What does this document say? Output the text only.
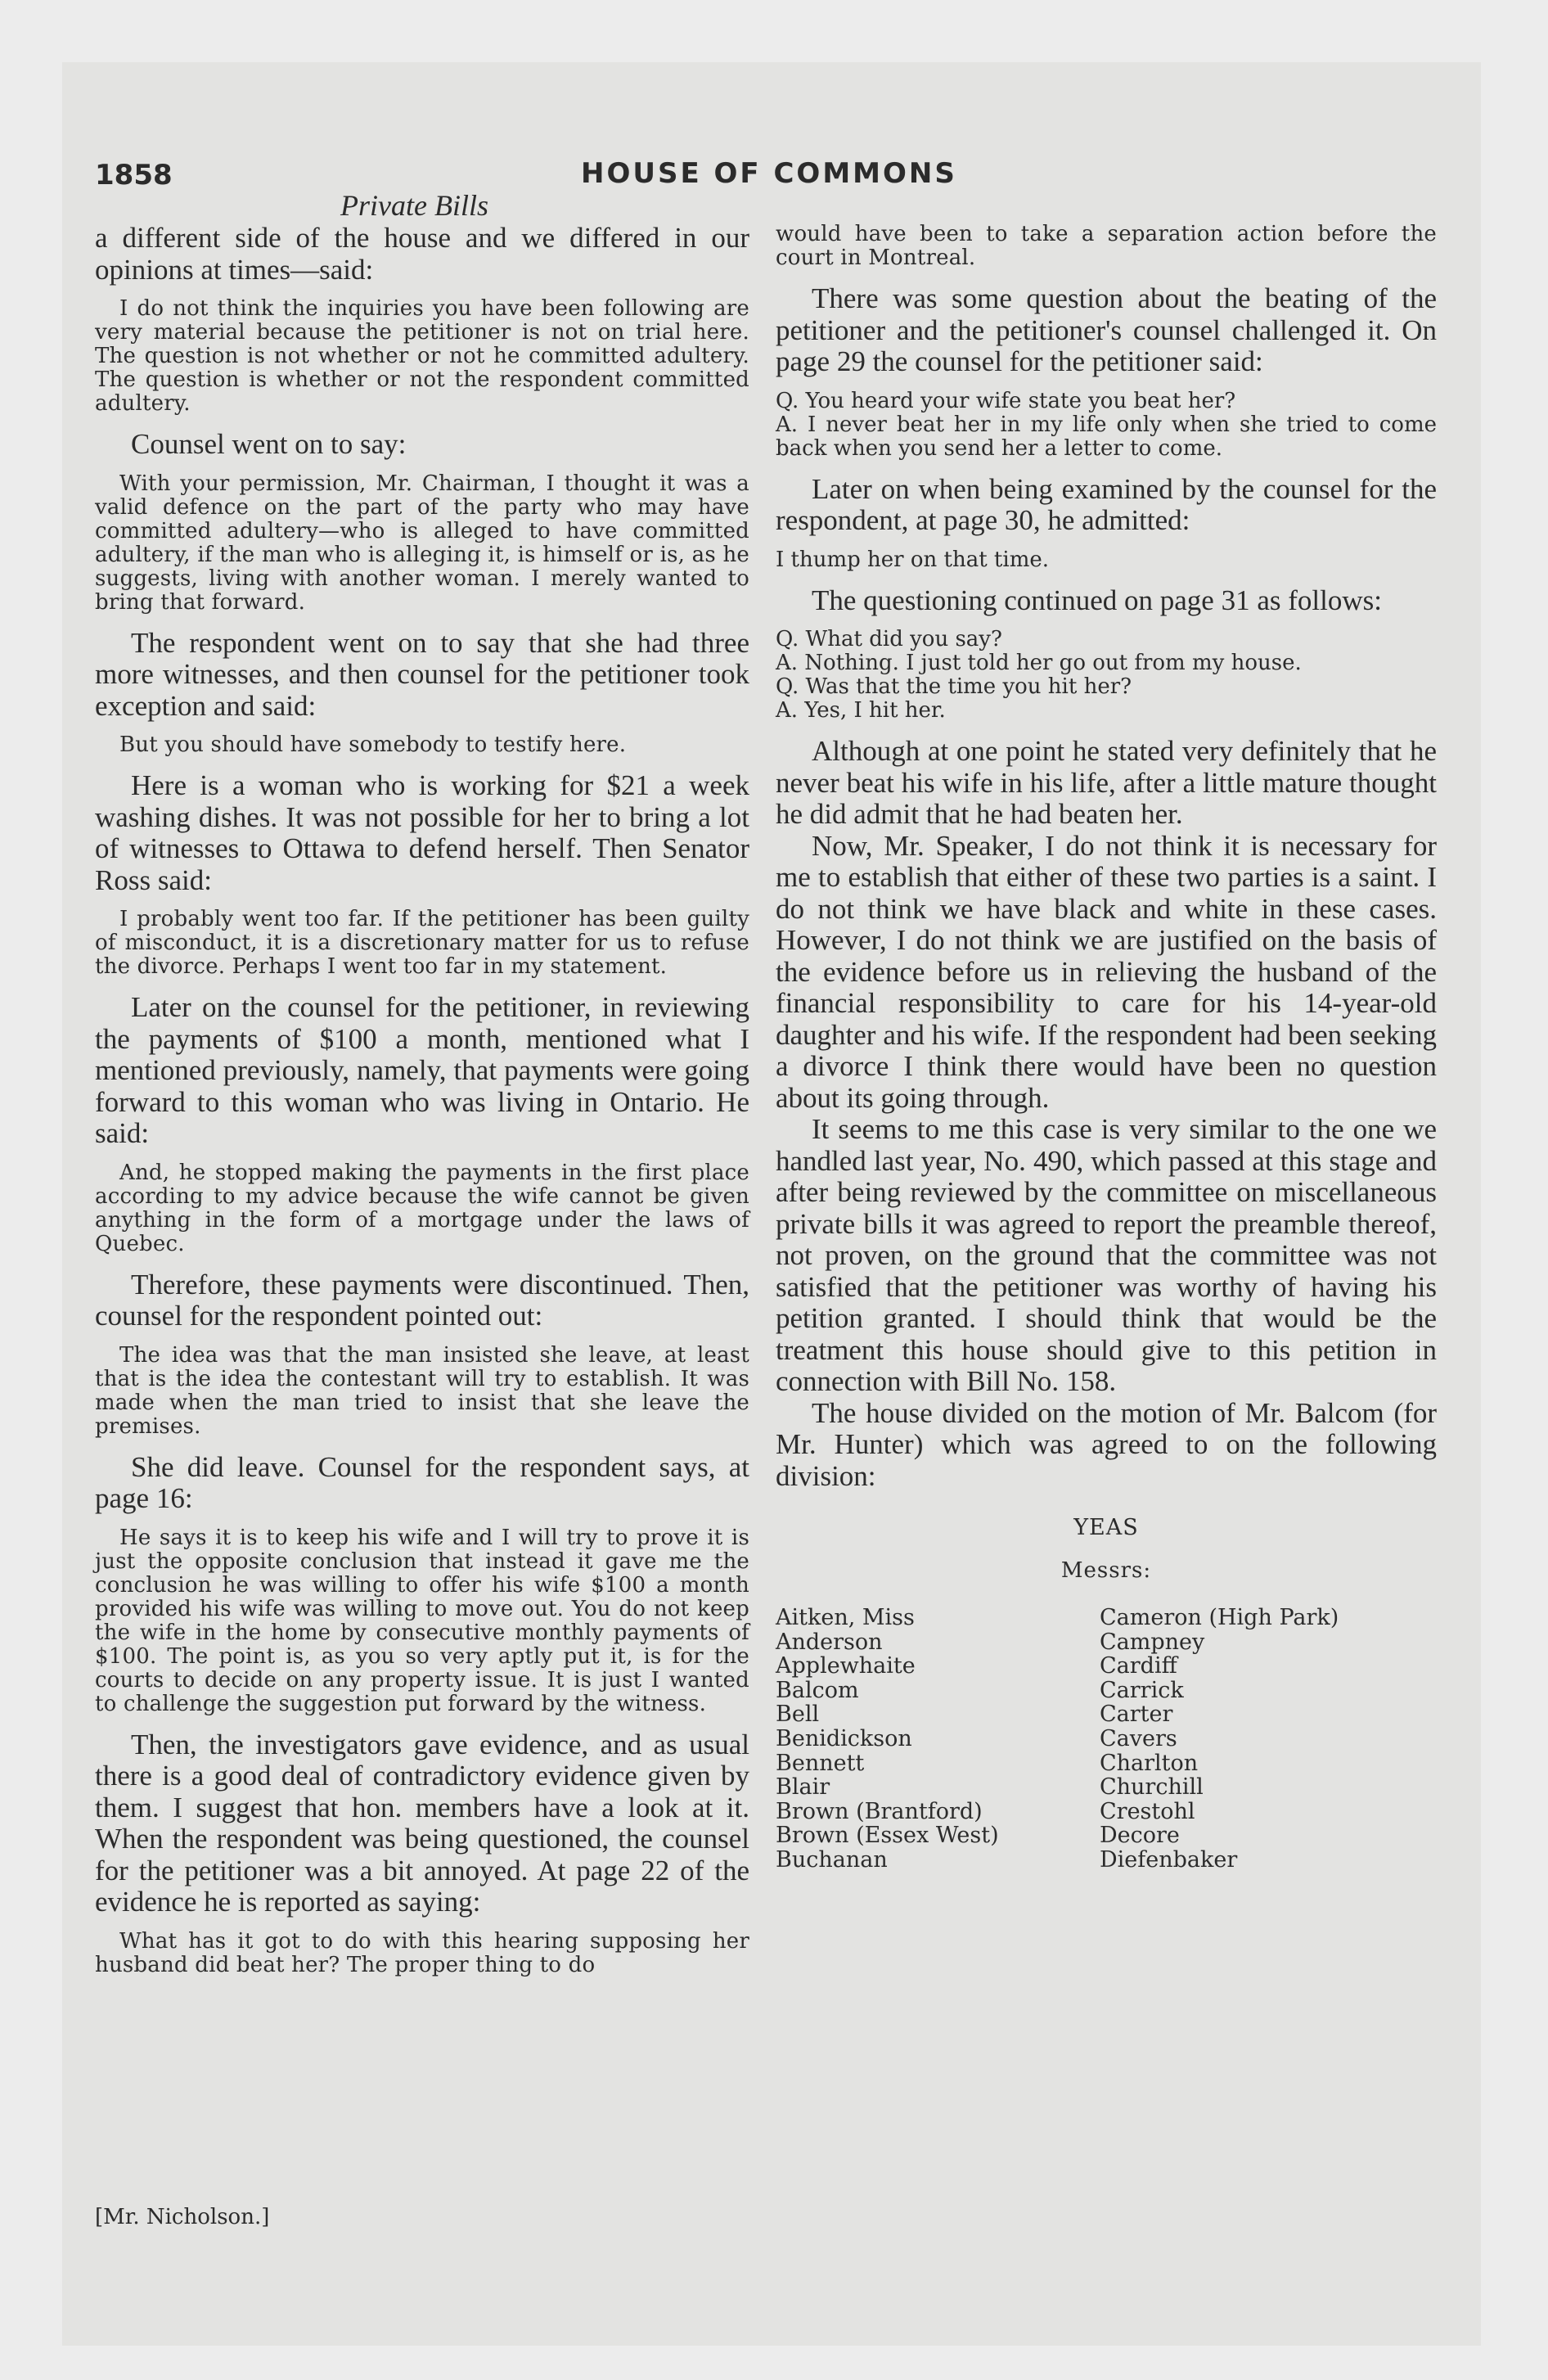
1858	HOUSE OF COMMONS
Private Bills

a different side of the house and we differed in our opinions at times—said:

I do not think the inquiries you have been following are very material because the petitioner is not on trial here. The question is not whether or not he committed adultery. The question is whether or not the respondent committed adultery.

Counsel went on to say:

With your permission, Mr. Chairman, I thought it was a valid defence on the part of the party who may have committed adultery—who is alleged to have committed adultery, if the man who is alleging it, is himself or is, as he suggests, living with another woman. I merely wanted to bring that forward.

The respondent went on to say that she had three more witnesses, and then counsel for the petitioner took exception and said:

But you should have somebody to testify here.

Here is a woman who is working for $21 a week washing dishes. It was not possible for her to bring a lot of witnesses to Ottawa to defend herself. Then Senator Ross said:

I probably went too far. If the petitioner has been guilty of misconduct, it is a discretionary matter for us to refuse the divorce. Perhaps I went too far in my statement.

Later on the counsel for the petitioner, in reviewing the payments of $100 a month, mentioned what I mentioned previously, namely, that payments were going forward to this woman who was living in Ontario. He said:

And, he stopped making the payments in the first place according to my advice because the wife cannot be given anything in the form of a mortgage under the laws of Quebec.

Therefore, these payments were discontinued. Then, counsel for the respondent pointed out:

The idea was that the man insisted she leave, at least that is the idea the contestant will try to establish. It was made when the man tried to insist that she leave the premises.

She did leave. Counsel for the respondent says, at page 16:

He says it is to keep his wife and I will try to prove it is just the opposite conclusion that instead it gave me the conclusion he was willing to offer his wife $100 a month provided his wife was willing to move out. You do not keep the wife in the home by consecutive monthly payments of $100. The point is, as you so very aptly put it, is for the courts to decide on any property issue. It is just I wanted to challenge the suggestion put forward by the witness.

Then, the investigators gave evidence, and as usual there is a good deal of contradictory evidence given by them. I suggest that hon. members have a look at it. When the respondent was being questioned, the counsel for the petitioner was a bit annoyed. At page 22 of the evidence he is reported as saying:

What has it got to do with this hearing supposing her husband did beat her? The proper thing to do

would have been to take a separation action before the court in Montreal.

There was some question about the beating of the petitioner and the petitioner's counsel challenged it. On page 29 the counsel for the petitioner said:

Q. You heard your wife state you beat her?

A. I never beat her in my life only when she tried to come back when you send her a letter to come.

Later on when being examined by the counsel for the respondent, at page 30, he admitted:

I thump her on that time.

The questioning continued on page 31 as follows:

Q. What did you say?

A. Nothing. I just told her go out from my house.

Q. Was that the time you hit her?

A. Yes, I hit her.

Although at one point he stated very definitely that he never beat his wife in his life, after a little mature thought he did admit that he had beaten her.

Now, Mr. Speaker, I do not think it is necessary for me to establish that either of these two parties is a saint. I do not think we have black and white in these cases. However, I do not think we are justified on the basis of the evidence before us in relieving the husband of the financial responsibility to care for his 14-year-old daughter and his wife. If the respondent had been seeking a divorce I think there would have been no question about its going through.

It seems to me this case is very similar to the one we handled last year, No. 490, which passed at this stage and after being reviewed by the committee on miscellaneous private bills it was agreed to report the preamble thereof, not proven, on the ground that the committee was not satisfied that the petitioner was worthy of having his petition granted. I should think that would be the treatment this house should give to this petition in connection with Bill No. 158.

The house divided on the motion of Mr. Balcom (for Mr. Hunter) which was agreed to on the following division:

YEAS
Messrs:
Aitken, Miss
Anderson
Applewhaite
Balcom
Bell
Benidickson
Bennett
Blair
Brown (Brantford)
Brown (Essex West)
Buchanan
Cameron (High Park)
Campney
Cardiff
Carrick
Carter
Cavers
Charlton
Churchill
Crestohl
Decore
Diefenbaker
[Mr. Nicholson.]
